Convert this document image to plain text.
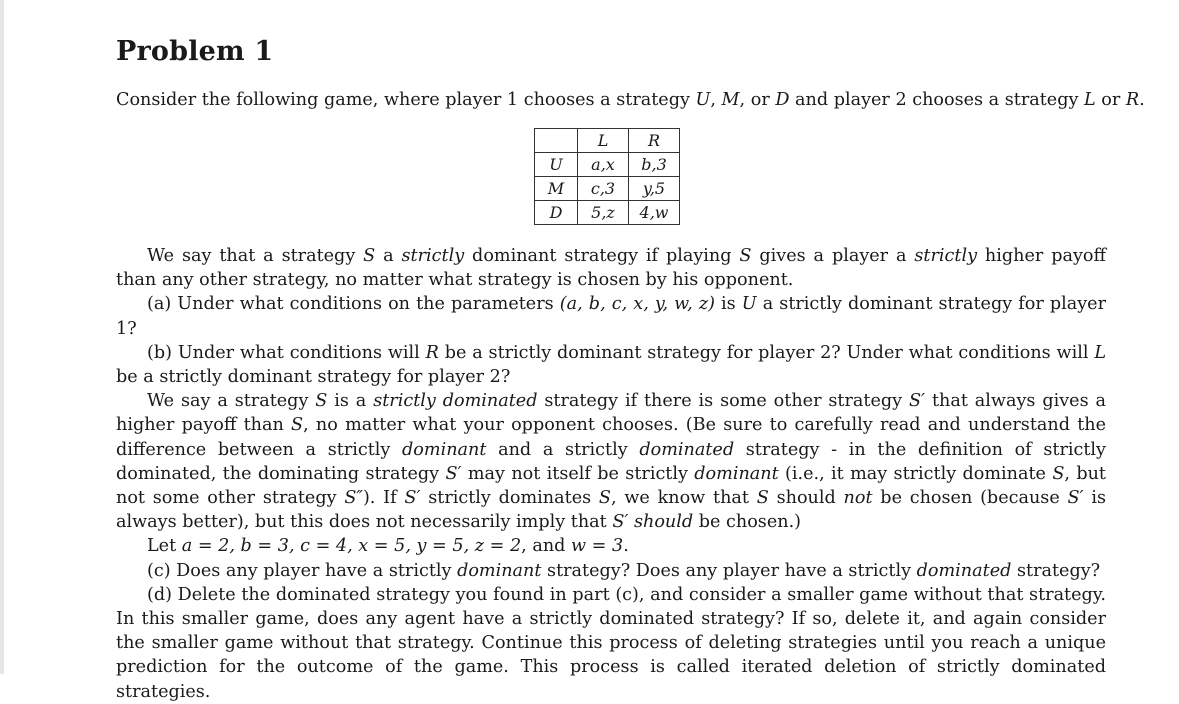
Problem 1
Consider the following game, where player 1 chooses a strategy U, M, or D and player 2 chooses a strategy L or R.
	L	R
U	a,x	b,3
M	c,3	y,5
D	5,z	4,w

We say that a strategy S a strictly dominant strategy if playing S gives a player a strictly higher payoff than any other strategy, no matter what strategy is chosen by his opponent.

(a) Under what conditions on the parameters (a, b, c, x, y, w, z) is U a strictly dominant strategy for player 1?

(b) Under what conditions will R be a strictly dominant strategy for player 2? Under what conditions will L be a strictly dominant strategy for player 2?

We say a strategy S is a strictly dominated strategy if there is some other strategy S′ that always gives a higher payoff than S, no matter what your opponent chooses. (Be sure to carefully read and understand the difference between a strictly dominant and a strictly dominated strategy - in the definition of strictly dominated, the dominating strategy S′ may not itself be strictly dominant (i.e., it may strictly dominate S, but not some other strategy S″). If S′ strictly dominates S, we know that S should not be chosen (because S′ is always better), but this does not necessarily imply that S′ should be chosen.)

Let a = 2, b = 3, c = 4, x = 5, y = 5, z = 2, and w = 3.

(c) Does any player have a strictly dominant strategy? Does any player have a strictly dominated strategy?

(d) Delete the dominated strategy you found in part (c), and consider a smaller game without that strategy. In this smaller game, does any agent have a strictly dominated strategy? If so, delete it, and again consider the smaller game without that strategy. Continue this process of deleting strategies until you reach a unique prediction for the outcome of the game. This process is called iterated deletion of strictly dominated strategies.
